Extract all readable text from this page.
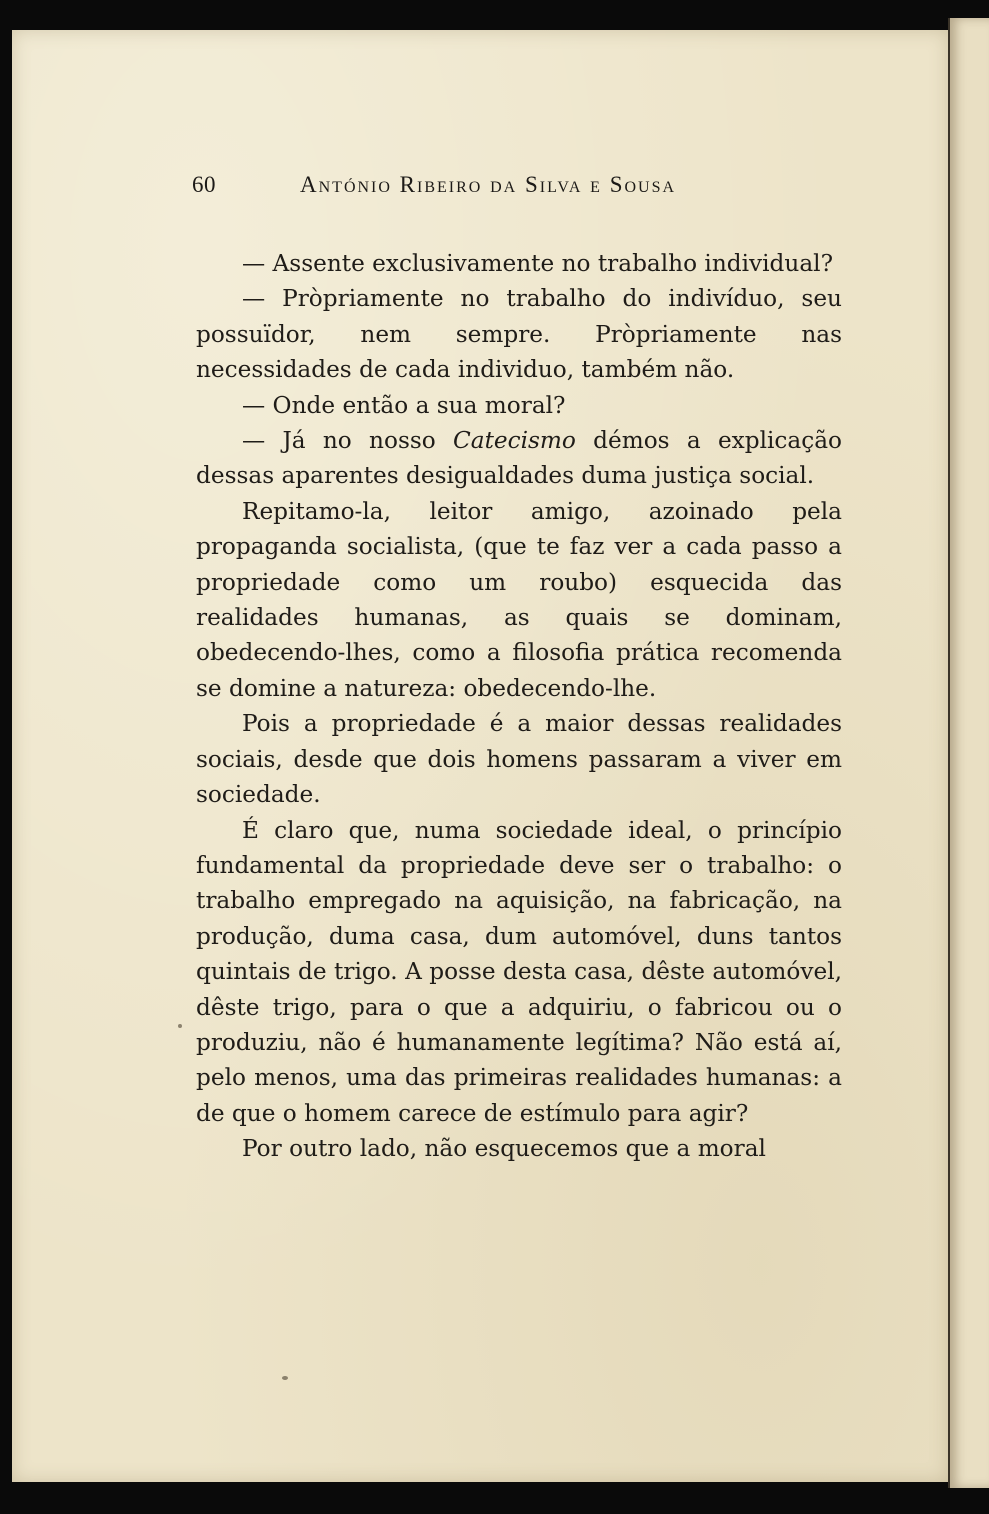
60	António Ribeiro da Silva e Sousa

— Assente exclusivamente no trabalho individual?

— Pròpriamente no trabalho do indivíduo, seu possuïdor, nem sempre. Pròpriamente nas necessidades de cada individuo, também não.

— Onde então a sua moral?

— Já no nosso Catecismo démos a explicação dessas aparentes desigualdades duma justiça social.

Repitamo-la, leitor amigo, azoinado pela propaganda socialista, (que te faz ver a cada passo a propriedade como um roubo) esquecida das realidades humanas, as quais se dominam, obedecendo-lhes, como a filosofia prática recomenda se domine a natureza: obedecendo-lhe.

Pois a propriedade é a maior dessas realidades sociais, desde que dois homens passaram a viver em sociedade.

É claro que, numa sociedade ideal, o princípio fundamental da propriedade deve ser o trabalho: o trabalho empregado na aquisição, na fabricação, na produção, duma casa, dum automóvel, duns tantos quintais de trigo. A posse desta casa, dêste automóvel, dêste trigo, para o que a adquiriu, o fabricou ou o produziu, não é humanamente legítima? Não está aí, pelo menos, uma das primeiras realidades humanas: a de que o homem carece de estímulo para agir?

Por outro lado, não esquecemos que a moral
